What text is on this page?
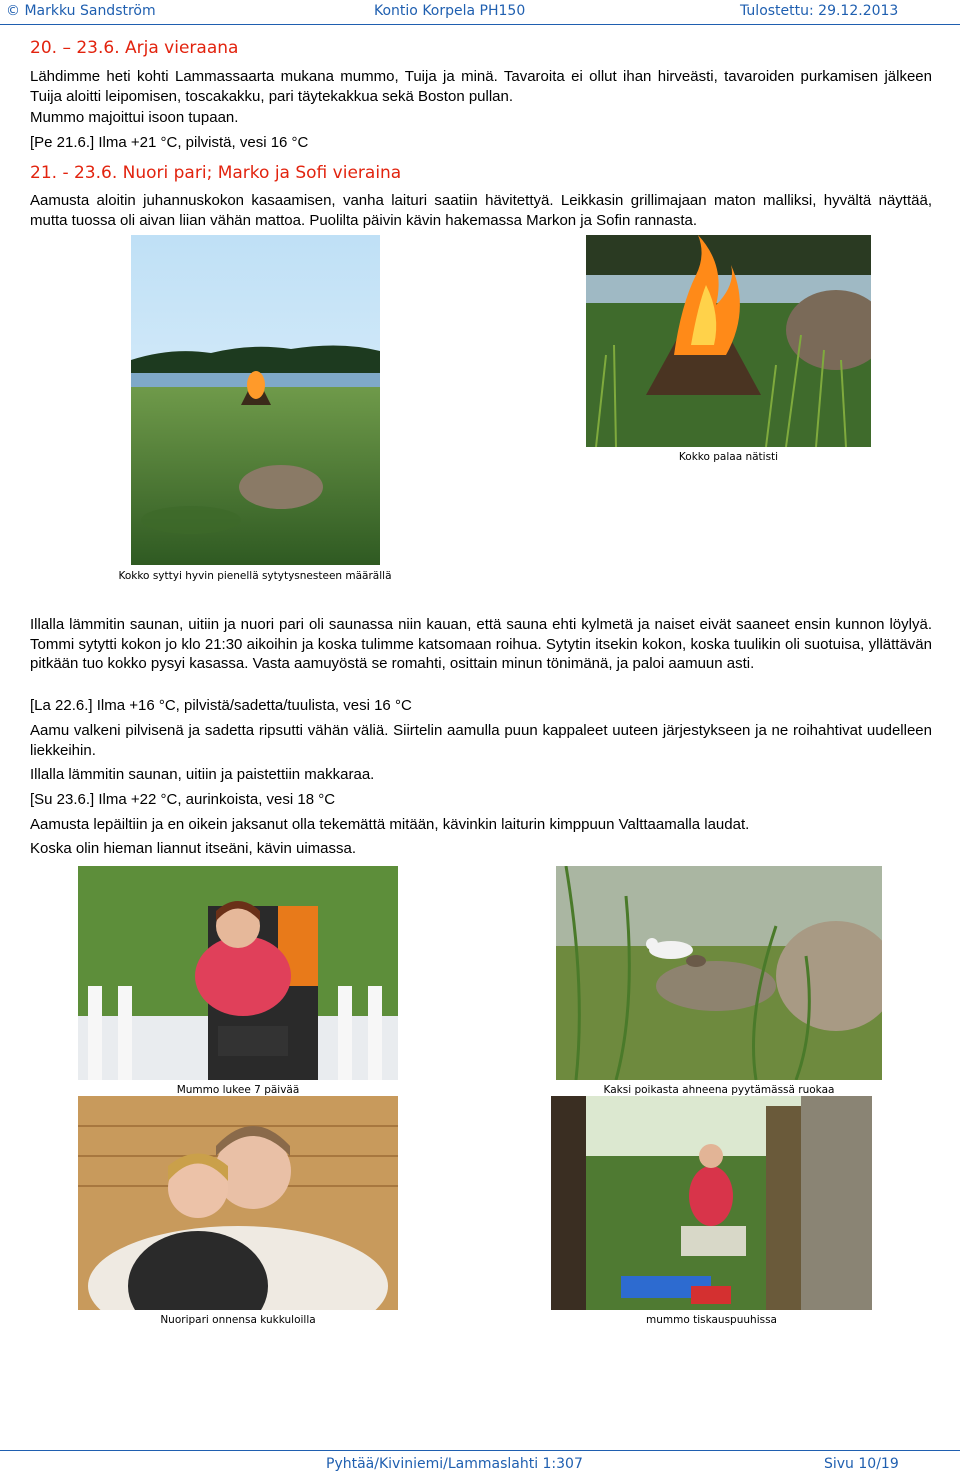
© Markku Sandström	Kontio Korpela PH150	Tulostettu: 29.12.2013
20. – 23.6. Arja vieraana
Lähdimme heti kohti Lammassaarta mukana mummo, Tuija ja minä. Tavaroita ei ollut ihan hirveästi, tavaroiden purkamisen jälkeen Tuija aloitti leipomisen, toscakakku, pari täytekakkua sekä Boston pullan.
Mummo majoittui isoon tupaan.
[Pe 21.6.] Ilma +21 °C, pilvistä, vesi 16 °C
21. - 23.6. Nuori pari; Marko ja Sofi vieraina
Aamusta aloitin juhannuskokon kasaamisen, vanha laituri saatiin hävitettyä. Leikkasin grillimajaan maton malliksi, hyvältä näyttää, mutta tuossa oli aivan liian vähän mattoa. Puolilta päivin kävin hakemassa Markon ja Sofin rannasta.
Kokko syttyi hyvin pienellä sytytysnesteen määrällä
Kokko palaa nätisti
Illalla lämmitin saunan, uitiin ja nuori pari oli saunassa niin kauan, että sauna ehti kylmetä ja naiset eivät saaneet ensin kunnon löylyä. Tommi sytytti kokon jo klo 21:30 aikoihin ja koska tulimme katsomaan roihua. Sytytin itsekin kokon, koska tuulikin oli suotuisa, yllättävän pitkään tuo kokko pysyi kasassa. Vasta aamuyöstä se romahti, osittain minun tönimänä, ja paloi aamuun asti.
[La 22.6.] Ilma +16 °C, pilvistä/sadetta/tuulista, vesi 16 °C
Aamu valkeni pilvisenä ja sadetta ripsutti vähän väliä. Siirtelin aamulla puun kappaleet uuteen järjestykseen ja ne roihahtivat uudelleen liekkeihin.
Illalla lämmitin saunan, uitiin ja paistettiin makkaraa.
[Su 23.6.] Ilma +22 °C, aurinkoista, vesi 18 °C
Aamusta lepäiltiin ja en oikein jaksanut olla tekemättä mitään, kävinkin laiturin kimppuun Valttaamalla laudat.
Koska olin hieman liannut itseäni, kävin uimassa.
Mummo lukee 7 päivää	Kaksi poikasta ahneena pyytämässä ruokaa
Nuoripari onnensa kukkuloilla	mummo tiskauspuuhissa
Pyhtää/Kiviniemi/Lammaslahti 1:307	Sivu 10/19
